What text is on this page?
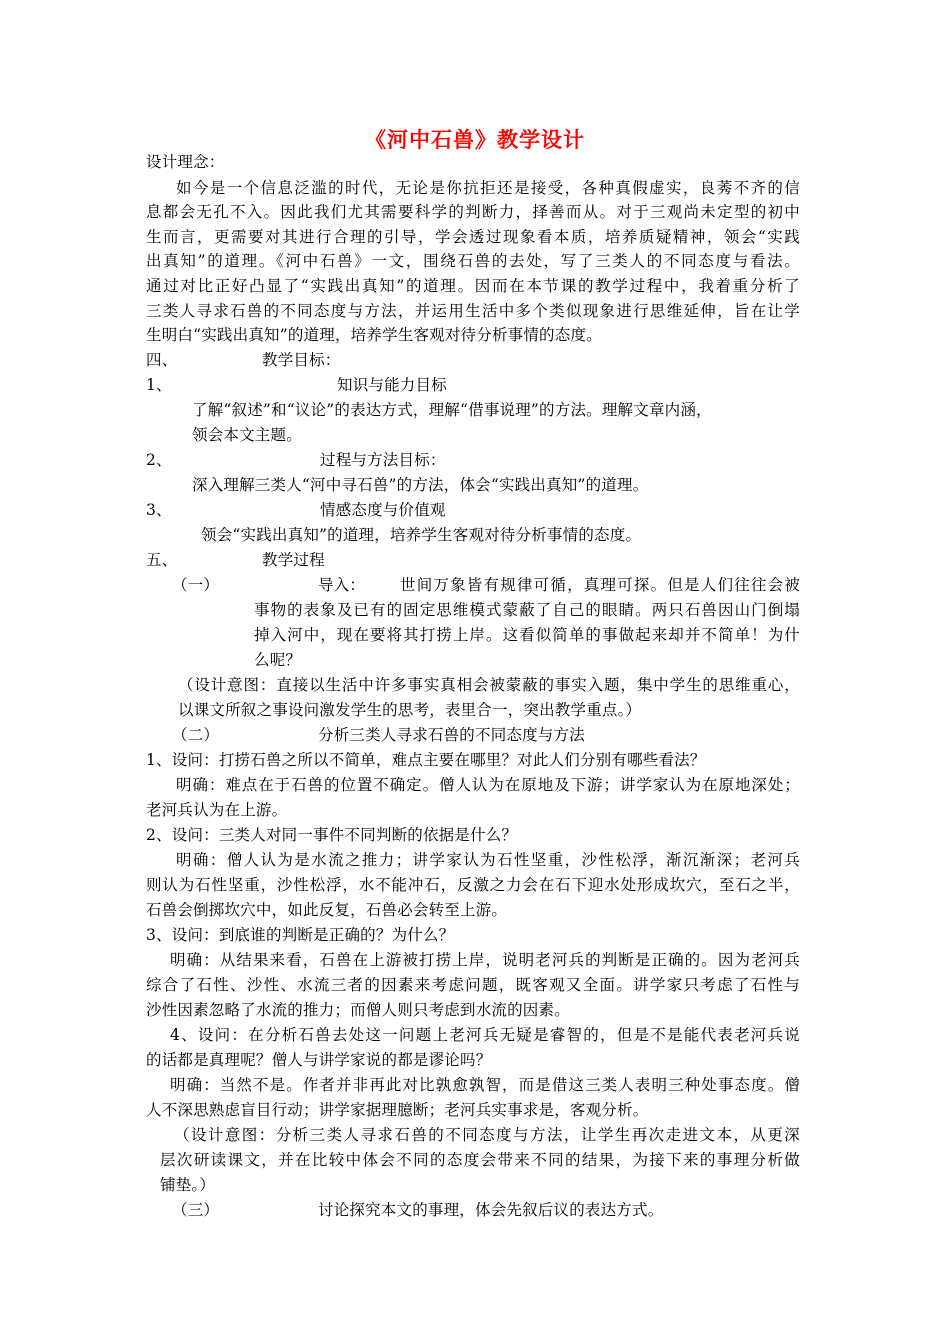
《河中石兽》教学设计
设计理念：
如今是一个信息泛滥的时代，无论是你抗拒还是接受，各种真假虚实，良莠不齐的信
息都会无孔不入。因此我们尤其需要科学的判断力，择善而从。对于三观尚未定型的初中
生而言，更需要对其进行合理的引导，学会透过现象看本质，培养质疑精神，领会“实践
出真知”的道理。《河中石兽》一文，围绕石兽的去处，写了三类人的不同态度与看法。
通过对比正好凸显了“实践出真知”的道理。因而在本节课的教学过程中，我着重分析了
三类人寻求石兽的不同态度与方法，并运用生活中多个类似现象进行思维延伸，旨在让学
生明白“实践出真知”的道理，培养学生客观对待分析事情的态度。
四、	教学目标：
1、	知识与能力目标
了解“叙述”和“议论”的表达方式，理解“借事说理”的方法。理解文章内涵，
领会本文主题。
2、	过程与方法目标：
深入理解三类人“河中寻石兽”的方法，体会“实践出真知”的道理。
3、	情感态度与价值观
领会“实践出真知”的道理，培养学生客观对待分析事情的态度。
五、	教学过程
（一）	导入： 世间万象皆有规律可循，真理可探。但是人们往往会被
事物的表象及已有的固定思维模式蒙蔽了自己的眼睛。两只石兽因山门倒塌
掉入河中，现在要将其打捞上岸。这看似简单的事做起来却并不简单！为什
么呢？
（设计意图：直接以生活中许多事实真相会被蒙蔽的事实入题，集中学生的思维重心，
以课文所叙之事设问激发学生的思考，表里合一，突出教学重点。）
（二）	分析三类人寻求石兽的不同态度与方法
1、设问：打捞石兽之所以不简单，难点主要在哪里？对此人们分别有哪些看法？
明确：难点在于石兽的位置不确定。僧人认为在原地及下游；讲学家认为在原地深处；
老河兵认为在上游。
2、设问：三类人对同一事件不同判断的依据是什么？
明确：僧人认为是水流之推力；讲学家认为石性坚重，沙性松浮，渐沉渐深；老河兵
则认为石性坚重，沙性松浮，水不能冲石，反激之力会在石下迎水处形成坎穴，至石之半，
石兽会倒掷坎穴中，如此反复，石兽必会转至上游。
3、设问：到底谁的判断是正确的？为什么？
明确：从结果来看，石兽在上游被打捞上岸，说明老河兵的判断是正确的。因为老河兵
综合了石性、沙性、水流三者的因素来考虑问题，既客观又全面。讲学家只考虑了石性与
沙性因素忽略了水流的推力；而僧人则只考虑到水流的因素。
4、设问：在分析石兽去处这一问题上老河兵无疑是睿智的，但是不是能代表老河兵说
的话都是真理呢？僧人与讲学家说的都是谬论吗？
明确：当然不是。作者并非再此对比孰愈孰智，而是借这三类人表明三种处事态度。僧
人不深思熟虑盲目行动；讲学家据理臆断；老河兵实事求是，客观分析。
（设计意图：分析三类人寻求石兽的不同态度与方法，让学生再次走进文本，从更深
层次研读课文，并在比较中体会不同的态度会带来不同的结果，为接下来的事理分析做
铺垫。）
（三）	讨论探究本文的事理，体会先叙后议的表达方式。
